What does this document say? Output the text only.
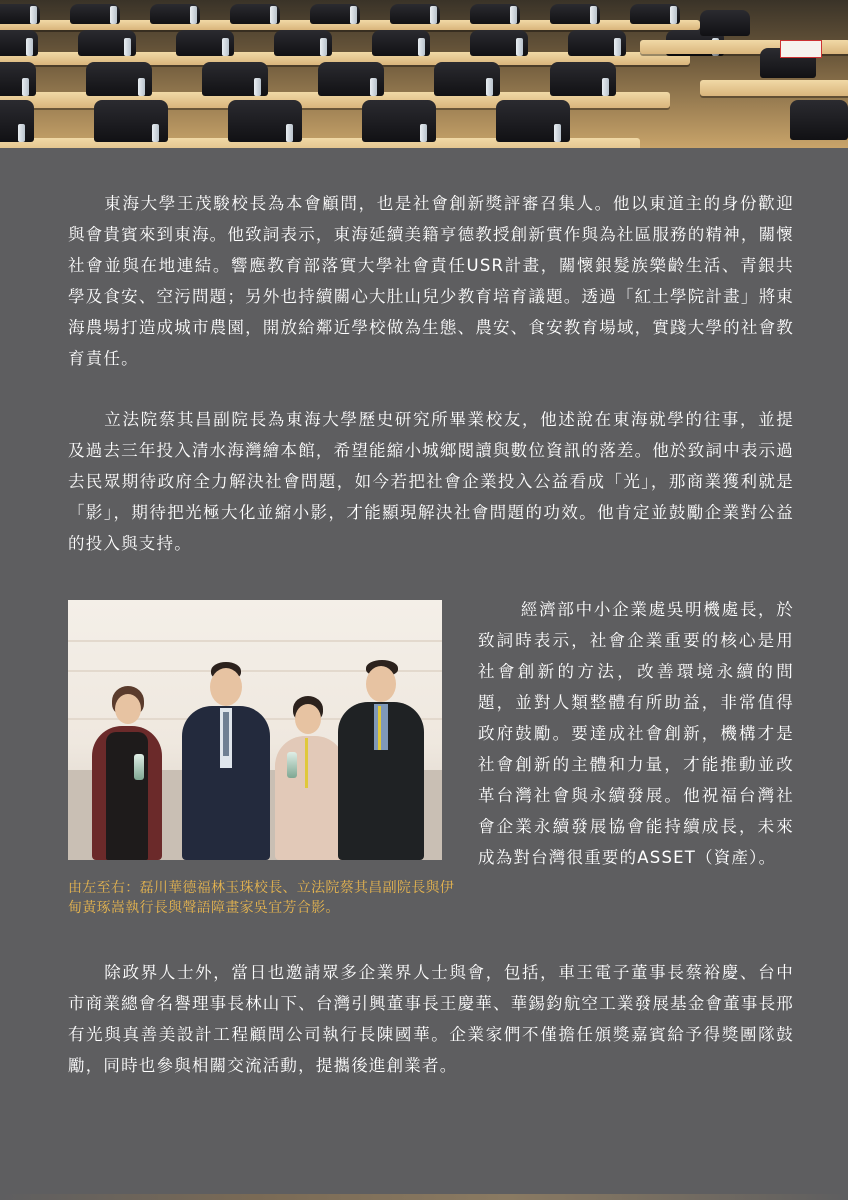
東海大學王茂駿校長為本會顧問，也是社會創新獎評審召集人。他以東道主的身份歡迎與會貴賓來到東海。他致詞表示，東海延續美籍亨德教授創新實作與為社區服務的精神，關懷社會並與在地連結。響應教育部落實大學社會責任USR計畫，關懷銀髮族樂齡生活、青銀共學及食安、空污問題；另外也持續關心大肚山兒少教育培育議題。透過「紅土學院計畫」將東海農場打造成城市農園，開放給鄰近學校做為生態、農安、食安教育場域，實踐大學的社會教育責任。

立法院蔡其昌副院長為東海大學歷史研究所畢業校友，他述說在東海就學的往事，並提及過去三年投入清水海灣繪本館，希望能縮小城鄉閱讀與數位資訊的落差。他於致詞中表示過去民眾期待政府全力解決社會問題，如今若把社會企業投入公益看成「光」，那商業獲利就是「影」，期待把光極大化並縮小影，才能顯現解決社會問題的功效。他肯定並鼓勵企業對公益的投入與支持。

由左至右：磊川華德福林玉珠校長、立法院蔡其昌副院長與伊甸黃琢嵩執行長與聲語障畫家吳宜芳合影。

經濟部中小企業處吳明機處長，於致詞時表示，社會企業重要的核心是用社會創新的方法，改善環境永續的問題，並對人類整體有所助益，非常值得政府鼓勵。要達成社會創新，機構才是社會創新的主體和力量，才能推動並改革台灣社會與永續發展。他祝福台灣社會企業永續發展協會能持續成長，未來成為對台灣很重要的ASSET（資產）。

除政界人士外，當日也邀請眾多企業界人士與會，包括，車王電子董事長蔡裕慶、台中市商業總會名譽理事長林山下、台灣引興董事長王慶華、華錫鈞航空工業發展基金會董事長邢有光與真善美設計工程顧問公司執行長陳國華。企業家們不僅擔任頒獎嘉賓給予得獎團隊鼓勵，同時也參與相關交流活動，提攜後進創業者。
